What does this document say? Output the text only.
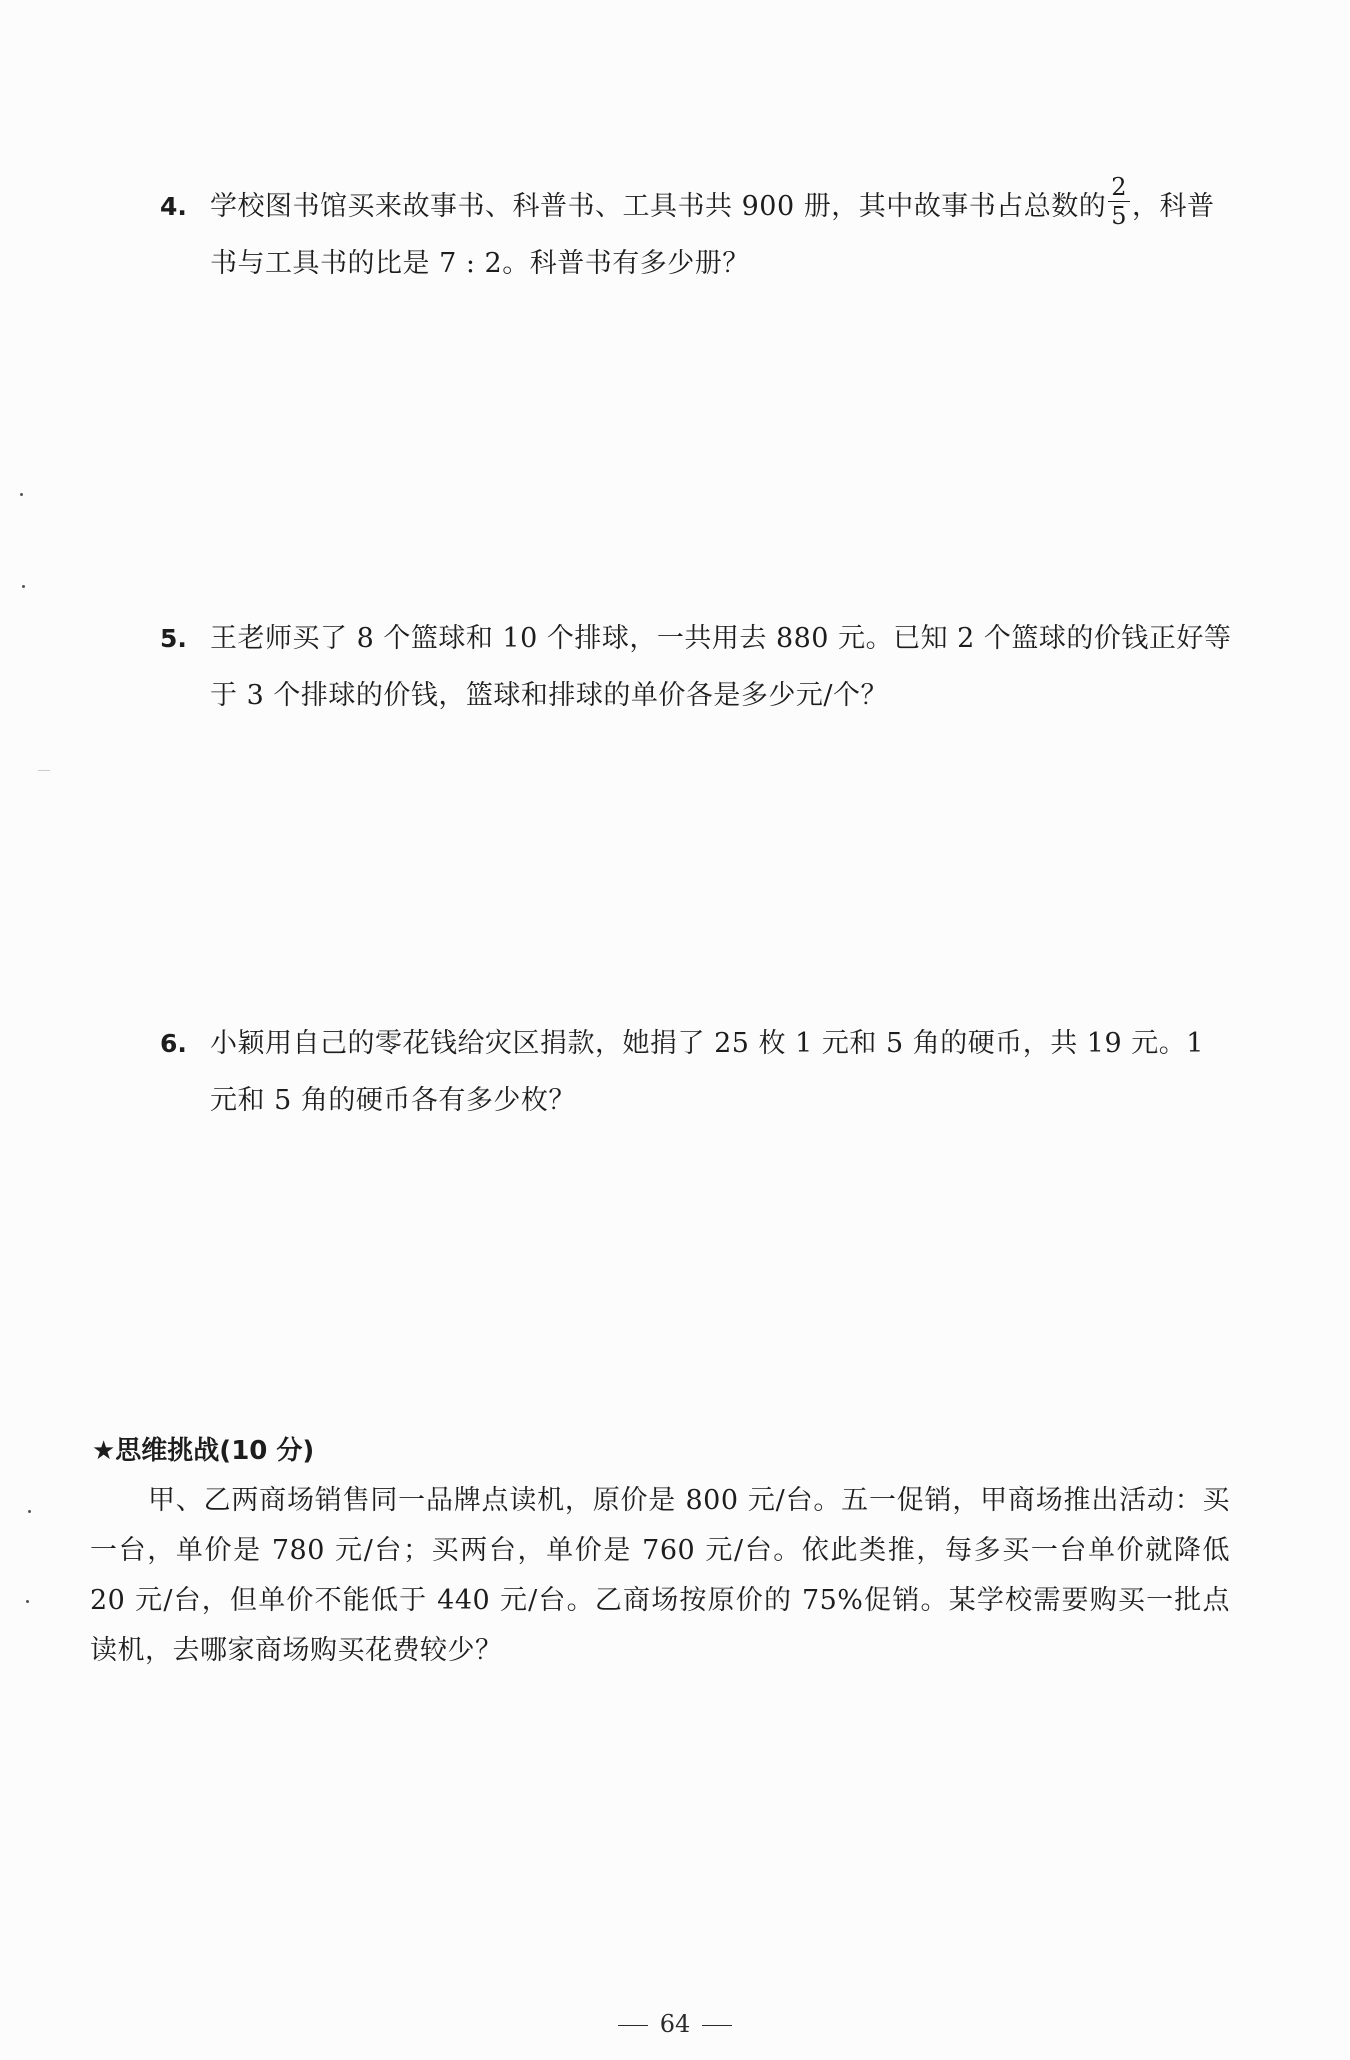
4. 学校图书馆买来故事书、科普书、工具书共 900 册，其中故事书占总数的 $\frac{2}{5}$ ，科普书与工具书的比是 7 : 2。科普书有多少册？
5. 王老师买了 8 个篮球和 10 个排球，一共用去 880 元。已知 2 个篮球的价钱正好等于 3 个排球的价钱，篮球和排球的单价各是多少元/个？
6. 小颖用自己的零花钱给灾区捐款，她捐了 25 枚 1 元和 5 角的硬币，共 19 元。1 元和 5 角的硬币各有多少枚？
★思维挑战(10 分)
甲、乙两商场销售同一品牌点读机，原价是 800 元/台。五一促销，甲商场推出活动：买一台，单价是 780 元/台；买两台，单价是 760 元/台。依此类推，每多买一台单价就降低 20 元/台，但单价不能低于 440 元/台。乙商场按原价的 75%促销。某学校需要购买一批点读机，去哪家商场购买花费较少？
64
